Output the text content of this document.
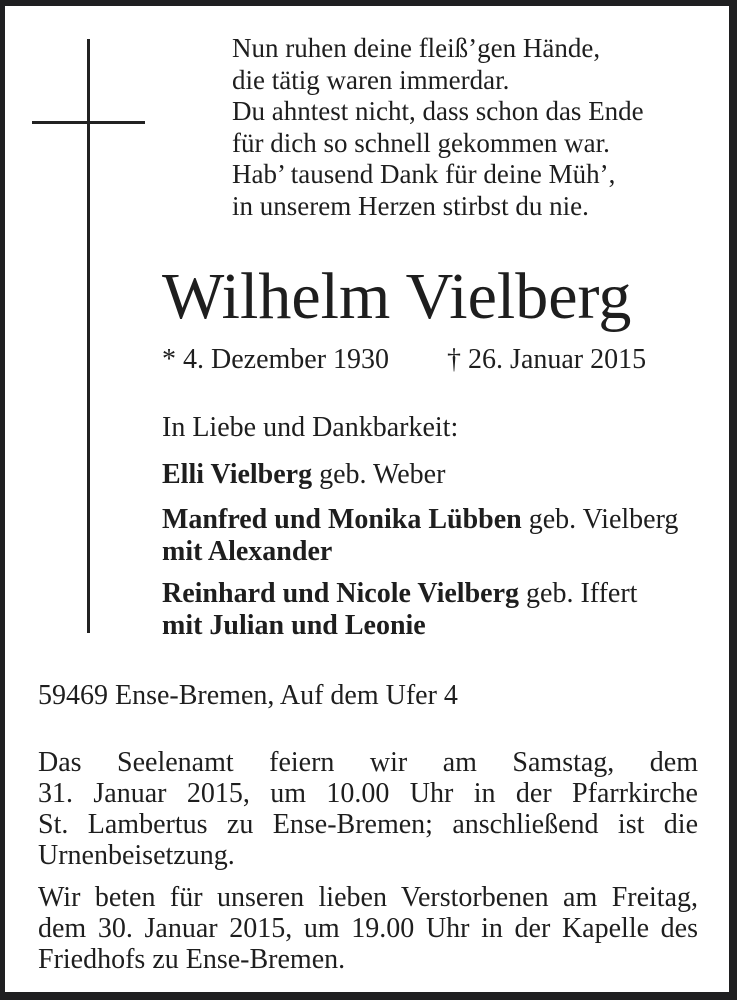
Nun ruhen deine fleiß’gen Hände,
die tätig waren immerdar.
Du ahntest nicht, dass schon das Ende
für dich so schnell gekommen war.
Hab’ tausend Dank für deine Müh’,
in unserem Herzen stirbst du nie.
Wilhelm Vielberg
* 4. Dezember 1930 † 26. Januar 2015
In Liebe und Dankbarkeit:
Elli Vielberg geb. Weber
Manfred und Monika Lübben geb. Vielberg
mit Alexander
Reinhard und Nicole Vielberg geb. Iffert
mit Julian und Leonie
59469 Ense-Bremen, Auf dem Ufer 4
Das Seelenamt feiern wir am Samstag, dem
31. Januar 2015, um 10.00 Uhr in der Pfarrkirche
St. Lambertus zu Ense-Bremen; anschließend ist die
Urnenbeisetzung.
Wir beten für unseren lieben Verstorbenen am Freitag,
dem 30. Januar 2015, um 19.00 Uhr in der Kapelle des
Friedhofs zu Ense-Bremen.
